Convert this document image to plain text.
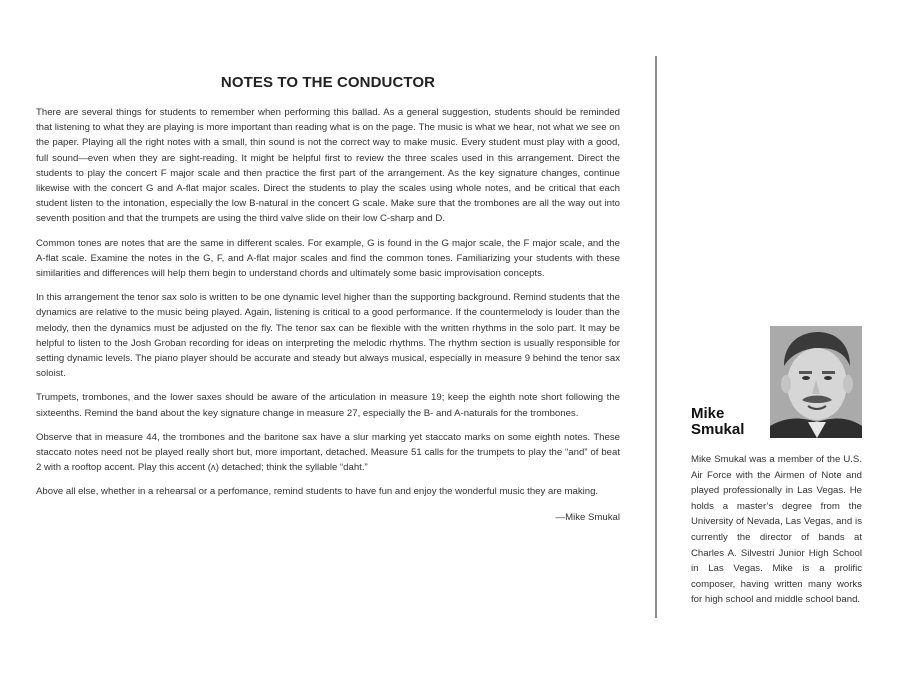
NOTES TO THE CONDUCTOR

There are several things for students to remember when performing this ballad. As a general suggestion, students should be reminded that listening to what they are playing is more important than reading what is on the page. The music is what we hear, not what we see on the paper. Playing all the right notes with a small, thin sound is not the correct way to make music. Every student must play with a good, full sound—even when they are sight-reading. It might be helpful first to review the three scales used in this arrangement. Direct the students to play the concert F major scale and then practice the first part of the arrangement. As the key signature changes, continue likewise with the concert G and A-flat major scales. Direct the students to play the scales using whole notes, and be critical that each student listen to the intonation, especially the low B-natural in the concert G scale. Make sure that the trombones are all the way out into seventh position and that the trumpets are using the third valve slide on their low C-sharp and D.

Common tones are notes that are the same in different scales. For example, G is found in the G major scale, the F major scale, and the A-flat scale. Examine the notes in the G, F, and A-flat major scales and find the common tones. Familiarizing your students with these similarities and differences will help them begin to understand chords and ultimately some basic improvisation concepts.

In this arrangement the tenor sax solo is written to be one dynamic level higher than the supporting background. Remind students that the dynamics are relative to the music being played. Again, listening is critical to a good performance. If the countermelody is louder than the melody, then the dynamics must be adjusted on the fly. The tenor sax can be flexible with the written rhythms in the solo part. It may be helpful to listen to the Josh Groban recording for ideas on interpreting the melodic rhythms. The rhythm section is usually responsible for setting dynamic levels. The piano player should be accurate and steady but always musical, especially in measure 9 behind the tenor sax soloist.

Trumpets, trombones, and the lower saxes should be aware of the articulation in measure 19; keep the eighth note short following the sixteenths. Remind the band about the key signature change in measure 27, especially the B- and A-naturals for the trombones.

Observe that in measure 44, the trombones and the baritone sax have a slur marking yet staccato marks on some eighth notes. These staccato notes need not be played really short but, more important, detached. Measure 51 calls for the trumpets to play the “and” of beat 2 with a rooftop accent. Play this accent (ʌ) detached; think the syllable “daht.”

Above all else, whether in a rehearsal or a perfomance, remind students to have fun and enjoy the wonderful music they are making.

—Mike Smukal
Mike
Smukal

Mike Smukal was a member of the U.S. Air Force with the Airmen of Note and played professionally in Las Vegas. He holds a master’s degree from the University of Nevada, Las Vegas, and is currently the director of bands at Charles A. Silvestri Junior High School in Las Vegas. Mike is a prolific composer, having written many works for high school and middle school band.
